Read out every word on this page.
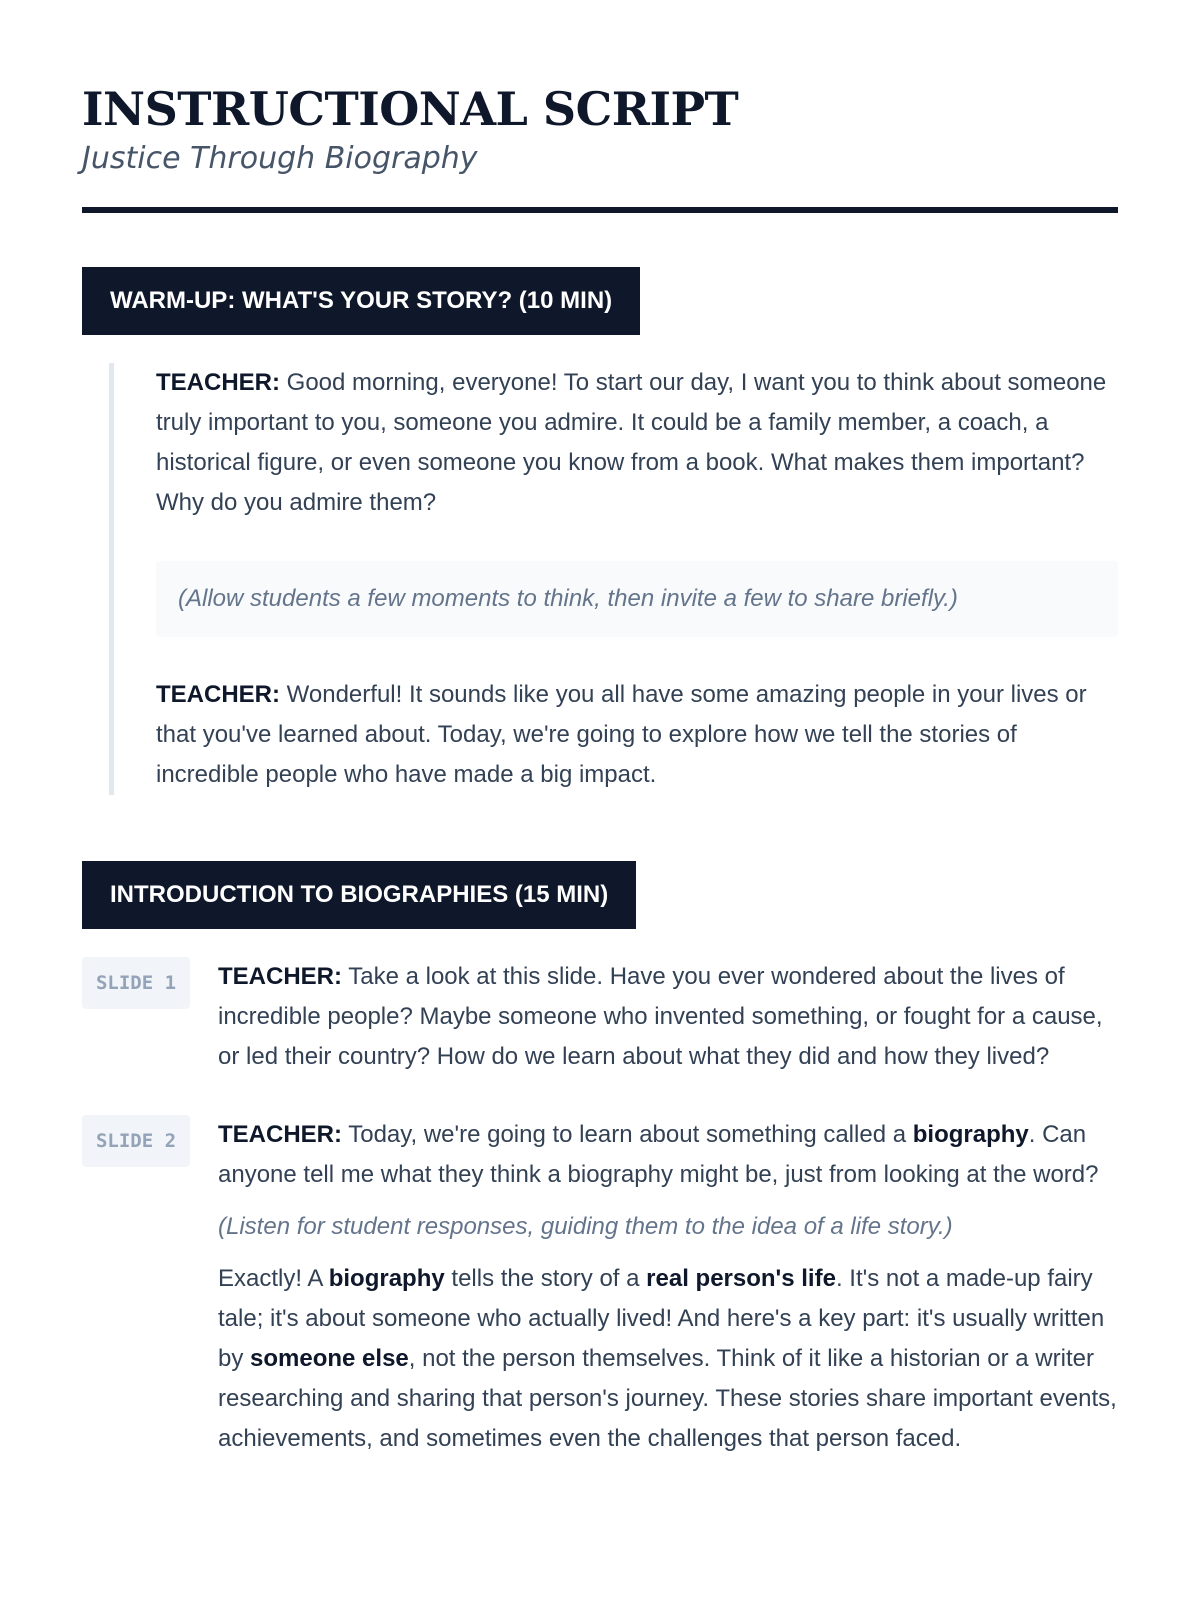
INSTRUCTIONAL SCRIPT

Justice Through Biography

WARM-UP: WHAT'S YOUR STORY? (10 MIN)

TEACHER: Good morning, everyone! To start our day, I want you to think about someone truly important to you, someone you admire. It could be a family member, a coach, a historical figure, or even someone you know from a book. What makes them important? Why do you admire them?

(Allow students a few moments to think, then invite a few to share briefly.)

TEACHER: Wonderful! It sounds like you all have some amazing people in your lives or that you've learned about. Today, we're going to explore how we tell the stories of incredible people who have made a big impact.

INTRODUCTION TO BIOGRAPHIES (15 MIN)
SLIDE 1	TEACHER: Take a look at this slide. Have you ever wondered about the lives of incredible people? Maybe someone who invented something, or fought for a cause, or led their country? How do we learn about what they did and how they lived?

SLIDE 2	TEACHER: Today, we're going to learn about something called a biography. Can anyone tell me what they think a biography might be, just from looking at the word?

(Listen for student responses, guiding them to the idea of a life story.)

Exactly! A biography tells the story of a real person's life. It's not a made-up fairy tale; it's about someone who actually lived! And here's a key part: it's usually written by someone else, not the person themselves. Think of it like a historian or a writer researching and sharing that person's journey. These stories share important events, achievements, and sometimes even the challenges that person faced.
